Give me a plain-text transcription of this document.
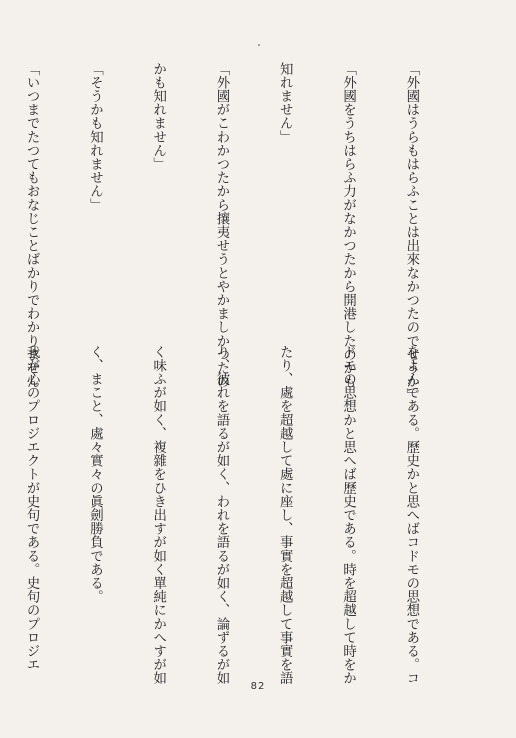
「外國はうらもはらふことは出來なかつたのでせうか」

「外國をうちはらふ力がなかつたから開港したのかも

知れません」

「外國がこわかつたから攘夷せうとやかましかつたの

かも知れません」

「そうかも知れません」

「いつまでたつてもおなじことばかりでわかりません

をよんである。歷史かと思へばコドモの思想である。コ

ドモの思想かと思へば歷史である。時を超越して時をか

たり、處を超越して處に座し、事實を超越して事實を語

り、彼れを語るが如く、われを語るが如く、論ずるが如

く味ふが如く、複雜をひき出すが如く單純にかへすが如

く、まこと、處々實々の眞劍勝負である。

我が心のプロジエクトが史句である。史句のプロジエ

82
